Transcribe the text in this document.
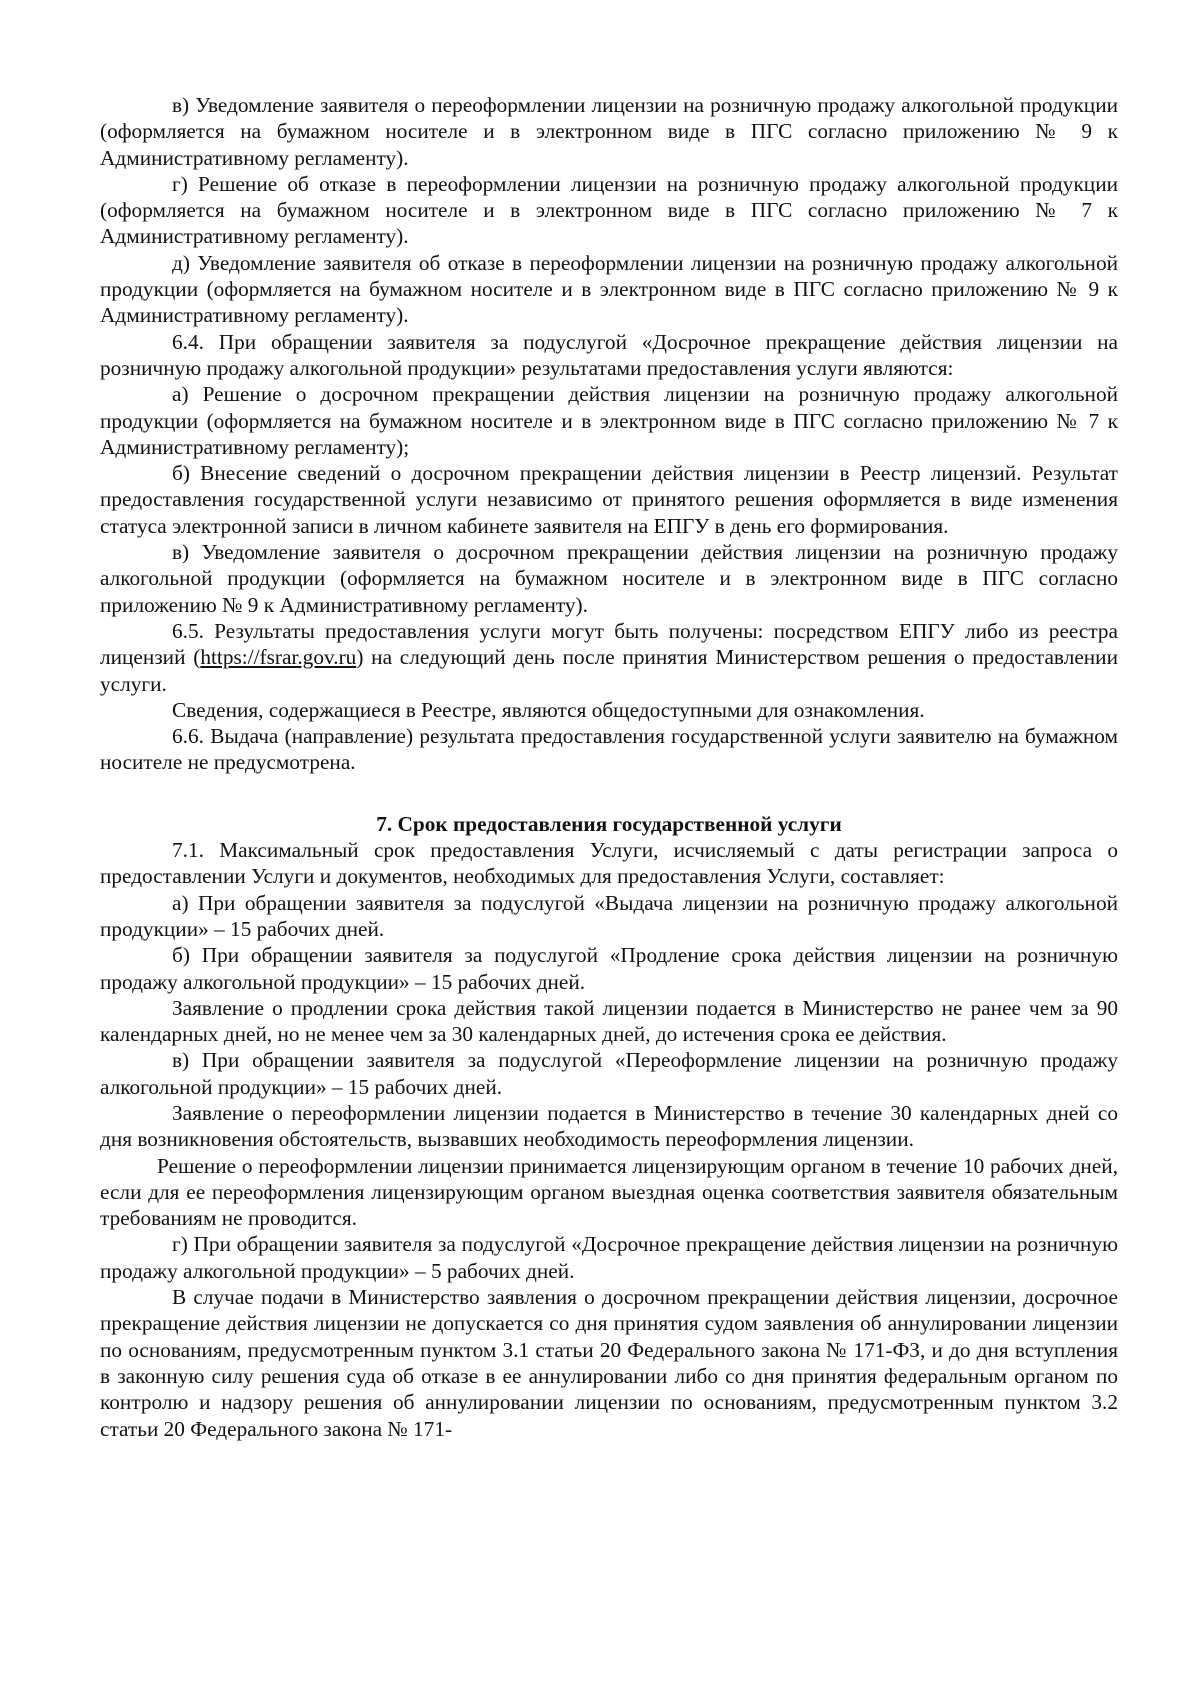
в) Уведомление заявителя о переоформлении лицензии на розничную продажу алкогольной продукции (оформляется на бумажном носителе и в электронном виде в ПГС согласно приложению № 9 к Административному регламенту).

г) Решение об отказе в переоформлении лицензии на розничную продажу алкогольной продукции (оформляется на бумажном носителе и в электронном виде в ПГС согласно приложению № 7 к Административному регламенту).

д) Уведомление заявителя об отказе в переоформлении лицензии на розничную продажу алкогольной продукции (оформляется на бумажном носителе и в электронном виде в ПГС согласно приложению № 9 к Административному регламенту).

6.4. При обращении заявителя за подуслугой «Досрочное прекращение действия лицензии на розничную продажу алкогольной продукции» результатами предоставления услуги являются:

а) Решение о досрочном прекращении действия лицензии на розничную продажу алкогольной продукции (оформляется на бумажном носителе и в электронном виде в ПГС согласно приложению № 7 к Административному регламенту);

б) Внесение сведений о досрочном прекращении действия лицензии в Реестр лицензий. Результат предоставления государственной услуги независимо от принятого решения оформляется в виде изменения статуса электронной записи в личном кабинете заявителя на ЕПГУ в день его формирования.

в) Уведомление заявителя о досрочном прекращении действия лицензии на розничную продажу алкогольной продукции (оформляется на бумажном носителе и в электронном виде в ПГС согласно приложению № 9 к Административному регламенту).

6.5. Результаты предоставления услуги могут быть получены: посредством ЕПГУ либо из реестра лицензий (https://fsrar.gov.ru) на следующий день после принятия Министерством решения о предоставлении услуги.

Сведения, содержащиеся в Реестре, являются общедоступными для ознакомления.

6.6. Выдача (направление) результата предоставления государственной услуги заявителю на бумажном носителе не предусмотрена.

7. Срок предоставления государственной услуги

7.1. Максимальный срок предоставления Услуги, исчисляемый с даты регистрации запроса о предоставлении Услуги и документов, необходимых для предоставления Услуги, составляет:

а) При обращении заявителя за подуслугой «Выдача лицензии на розничную продажу алкогольной продукции» – 15 рабочих дней.

б) При обращении заявителя за подуслугой «Продление срока действия лицензии на розничную продажу алкогольной продукции» – 15 рабочих дней.

Заявление о продлении срока действия такой лицензии подается в Министерство не ранее чем за 90 календарных дней, но не менее чем за 30 календарных дней, до истечения срока ее действия.

в) При обращении заявителя за подуслугой «Переоформление лицензии на розничную продажу алкогольной продукции» – 15 рабочих дней.

Заявление о переоформлении лицензии подается в Министерство в течение 30 календарных дней со дня возникновения обстоятельств, вызвавших необходимость переоформления лицензии.

Решение о переоформлении лицензии принимается лицензирующим органом в течение 10 рабочих дней, если для ее переоформления лицензирующим органом выездная оценка соответствия заявителя обязательным требованиям не проводится.

г) При обращении заявителя за подуслугой «Досрочное прекращение действия лицензии на розничную продажу алкогольной продукции» – 5 рабочих дней.

В случае подачи в Министерство заявления о досрочном прекращении действия лицензии, досрочное прекращение действия лицензии не допускается со дня принятия судом заявления об аннулировании лицензии по основаниям, предусмотренным пунктом 3.1 статьи 20 Федерального закона № 171-ФЗ, и до дня вступления в законную силу решения суда об отказе в ее аннулировании либо со дня принятия федеральным органом по контролю и надзору решения об аннулировании лицензии по основаниям, предусмотренным пунктом 3.2 статьи 20 Федерального закона № 171-
